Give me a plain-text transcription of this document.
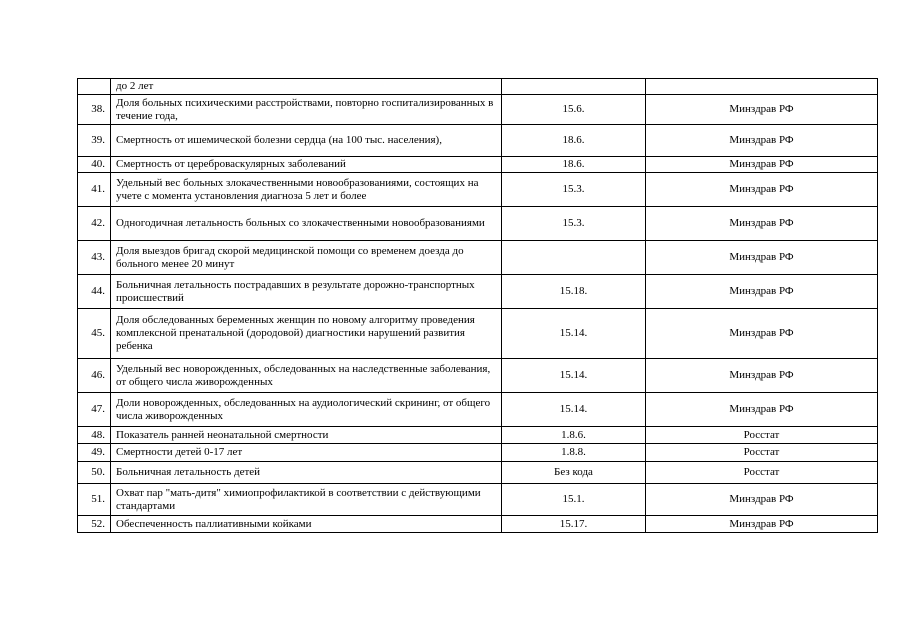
	до 2 лет		
38.	Доля больных психическими расстройствами, повторно госпитализированных в течение года,	15.6.	Минздрав РФ
39.	Смертность от ишемической болезни сердца (на 100 тыс. населения),	18.6.	Минздрав РФ
40.	Смертность от цереброваскулярных заболеваний	18.6.	Минздрав РФ
41.	Удельный вес больных злокачественными новообразованиями, состоящих на учете с момента установления диагноза 5 лет и более	15.3.	Минздрав РФ
42.	Одногодичная летальность больных со злокачественными новообразованиями	15.3.	Минздрав РФ
43.	Доля выездов бригад скорой медицинской помощи со временем доезда до больного менее 20 минут		Минздрав РФ
44.	Больничная летальность пострадавших в результате дорожно-транспортных происшествий	15.18.	Минздрав РФ
45.	Доля обследованных беременных женщин по новому алгоритму проведения комплексной пренатальной (дородовой) диагностики нарушений развития ребенка	15.14.	Минздрав РФ
46.	Удельный вес новорожденных, обследованных на наследственные заболевания, от общего числа живорожденных	15.14.	Минздрав РФ
47.	Доли новорожденных, обследованных на аудиологический скрининг, от общего числа живорожденных	15.14.	Минздрав РФ
48.	Показатель ранней неонатальной смертности	1.8.6.	Росстат
49.	Смертности детей 0-17 лет	1.8.8.	Росстат
50.	Больничная летальность детей	Без кода	Росстат
51.	Охват пар "мать-дитя" химиопрофилактикой в соответствии с действующими стандартами	15.1.	Минздрав РФ
52.	Обеспеченность паллиативными койками	15.17.	Минздрав РФ
